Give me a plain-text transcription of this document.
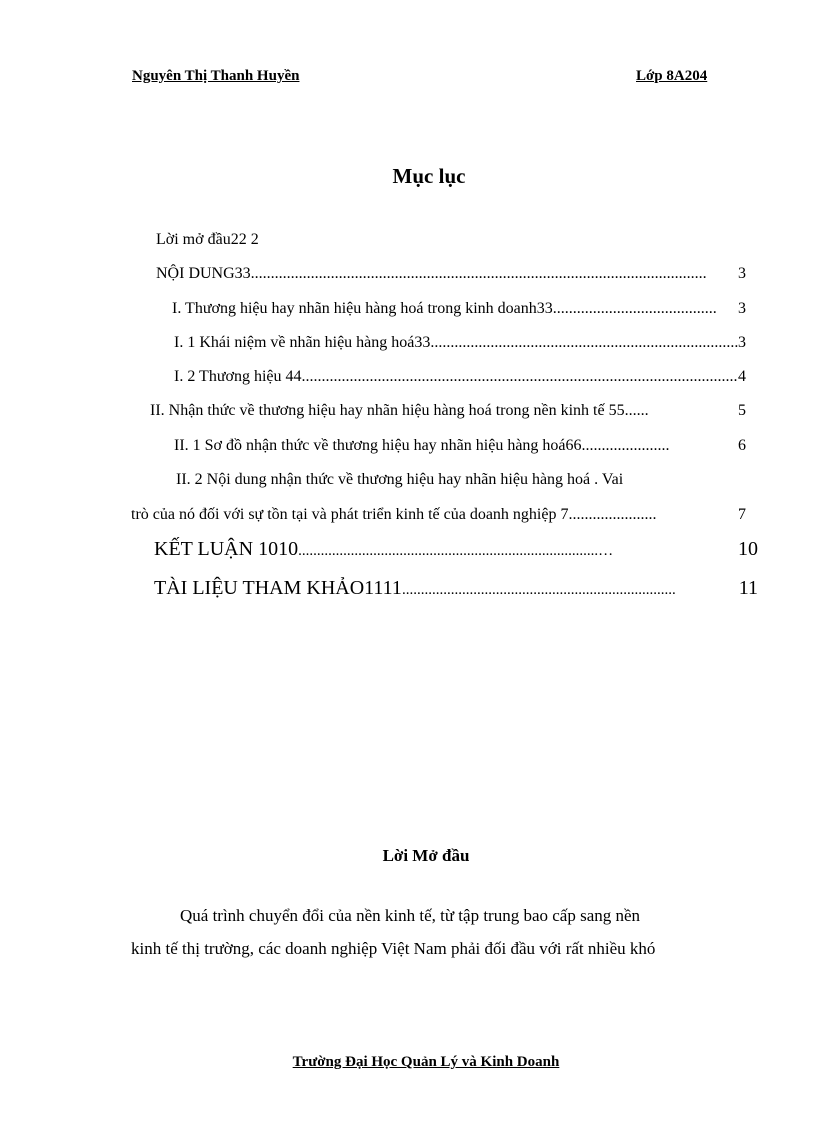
Nguyên Thị Thanh Huyền	Lớp 8A204
Mục lục
Lời mở đầu22 2
NỘI DUNG33 ..................................................................................................................	3
I. Thương hiệu hay nhãn hiệu hàng hoá trong kinh doanh33 .........................................	3
I. 1 Khái niệm về nhãn hiệu hàng hoá33 ............................................................................. 3
I. 2 Thương hiệu 44 ............................................................................................................. 4
II. Nhận thức về thương hiệu hay nhãn hiệu hàng hoá trong nền kinh tế 55 ......	5
II. 1 Sơ đồ nhận thức về thương hiệu hay nhãn hiệu hàng hoá66 ......................	6
II. 2 Nội dung nhận thức về thương hiệu hay nhãn hiệu hàng hoá . Vai
trò của nó đối với sự tồn tại và phát triển kinh tế của doanh nghiệp 7 ......................	7
KẾT LUẬN 1010 ................................................................................…	10
TÀI LIỆU THAM KHẢO1111 .........................................................................	11
Lời Mở đầu
Quá trình chuyển đổi của nền kinh tế, từ tập trung bao cấp sang nền
kinh tế thị trường, các doanh nghiệp Việt Nam phải đối đầu với rất nhiều khó
Trường Đại Học Quản Lý và Kinh Doanh
